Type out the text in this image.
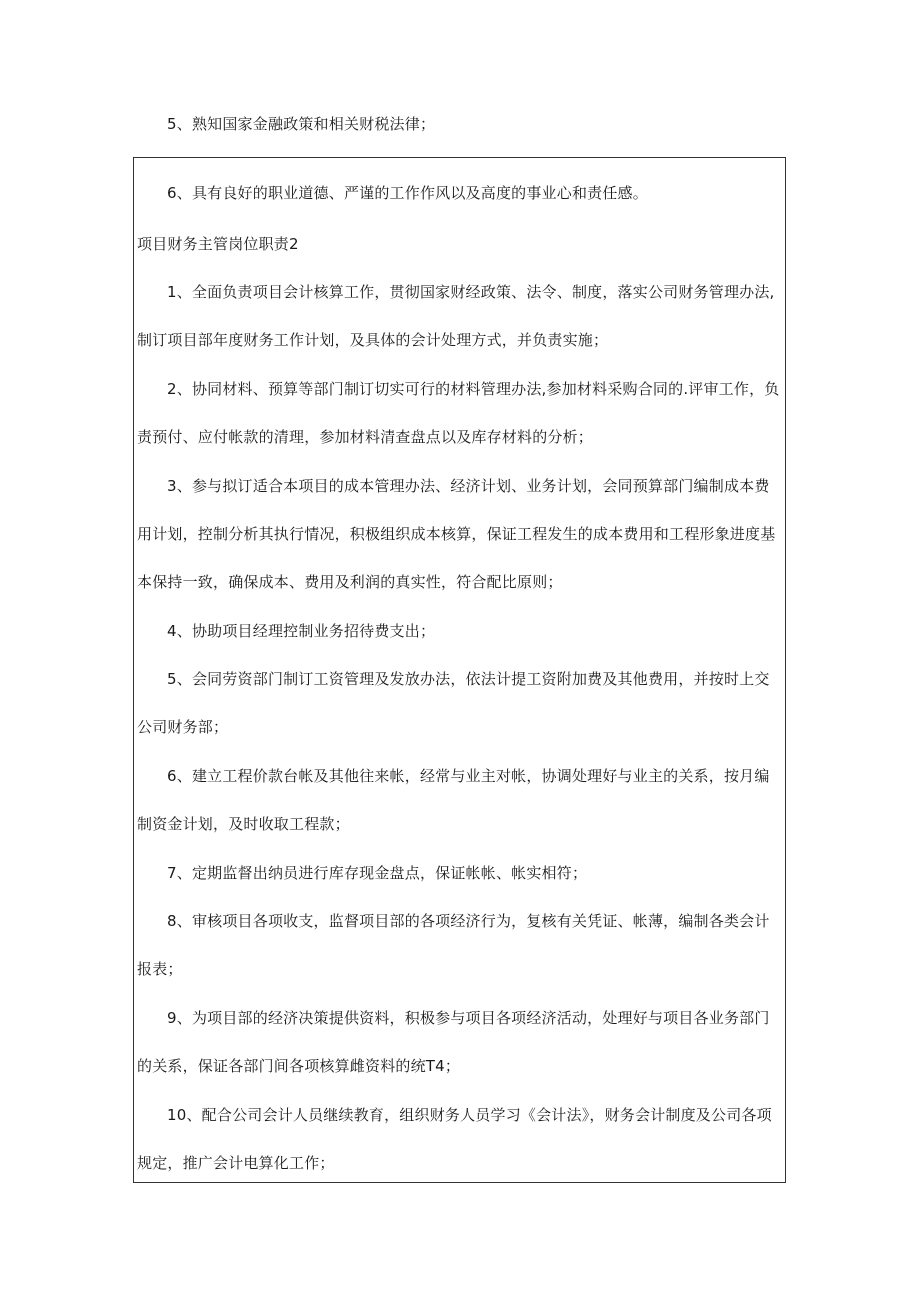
5、熟知国家金融政策和相关财税法律；
6、具有良好的职业道德、严谨的工作作风以及高度的事业心和责任感。
项目财务主管岗位职责2
1、全面负责项目会计核算工作，贯彻国家财经政策、法令、制度，落实公司财务管理办法,
制订项目部年度财务工作计划，及具体的会计处理方式，并负责实施；
2、协同材料、预算等部门制订切实可行的材料管理办法,参加材料采购合同的.评审工作，负
责预付、应付帐款的清理，参加材料清查盘点以及库存材料的分析；
3、参与拟订适合本项目的成本管理办法、经济计划、业务计划，会同预算部门编制成本费
用计划，控制分析其执行情况，积极组织成本核算，保证工程发生的成本费用和工程形象进度基
本保持一致，确保成本、费用及利润的真实性，符合配比原则；
4、协助项目经理控制业务招待费支出；
5、会同劳资部门制订工资管理及发放办法，依法计提工资附加费及其他费用，并按时上交
公司财务部；
6、建立工程价款台帐及其他往来帐，经常与业主对帐，协调处理好与业主的关系，按月编
制资金计划，及时收取工程款；
7、定期监督出纳员进行库存现金盘点，保证帐帐、帐实相符；
8、审核项目各项收支，监督项目部的各项经济行为，复核有关凭证、帐薄，编制各类会计
报表；
9、为项目部的经济决策提供资料，积极参与项目各项经济活动，处理好与项目各业务部门
的关系，保证各部门间各项核算雌资料的统T4；
10、配合公司会计人员继续教育，组织财务人员学习《会计法》，财务会计制度及公司各项
规定，推广会计电算化工作；
